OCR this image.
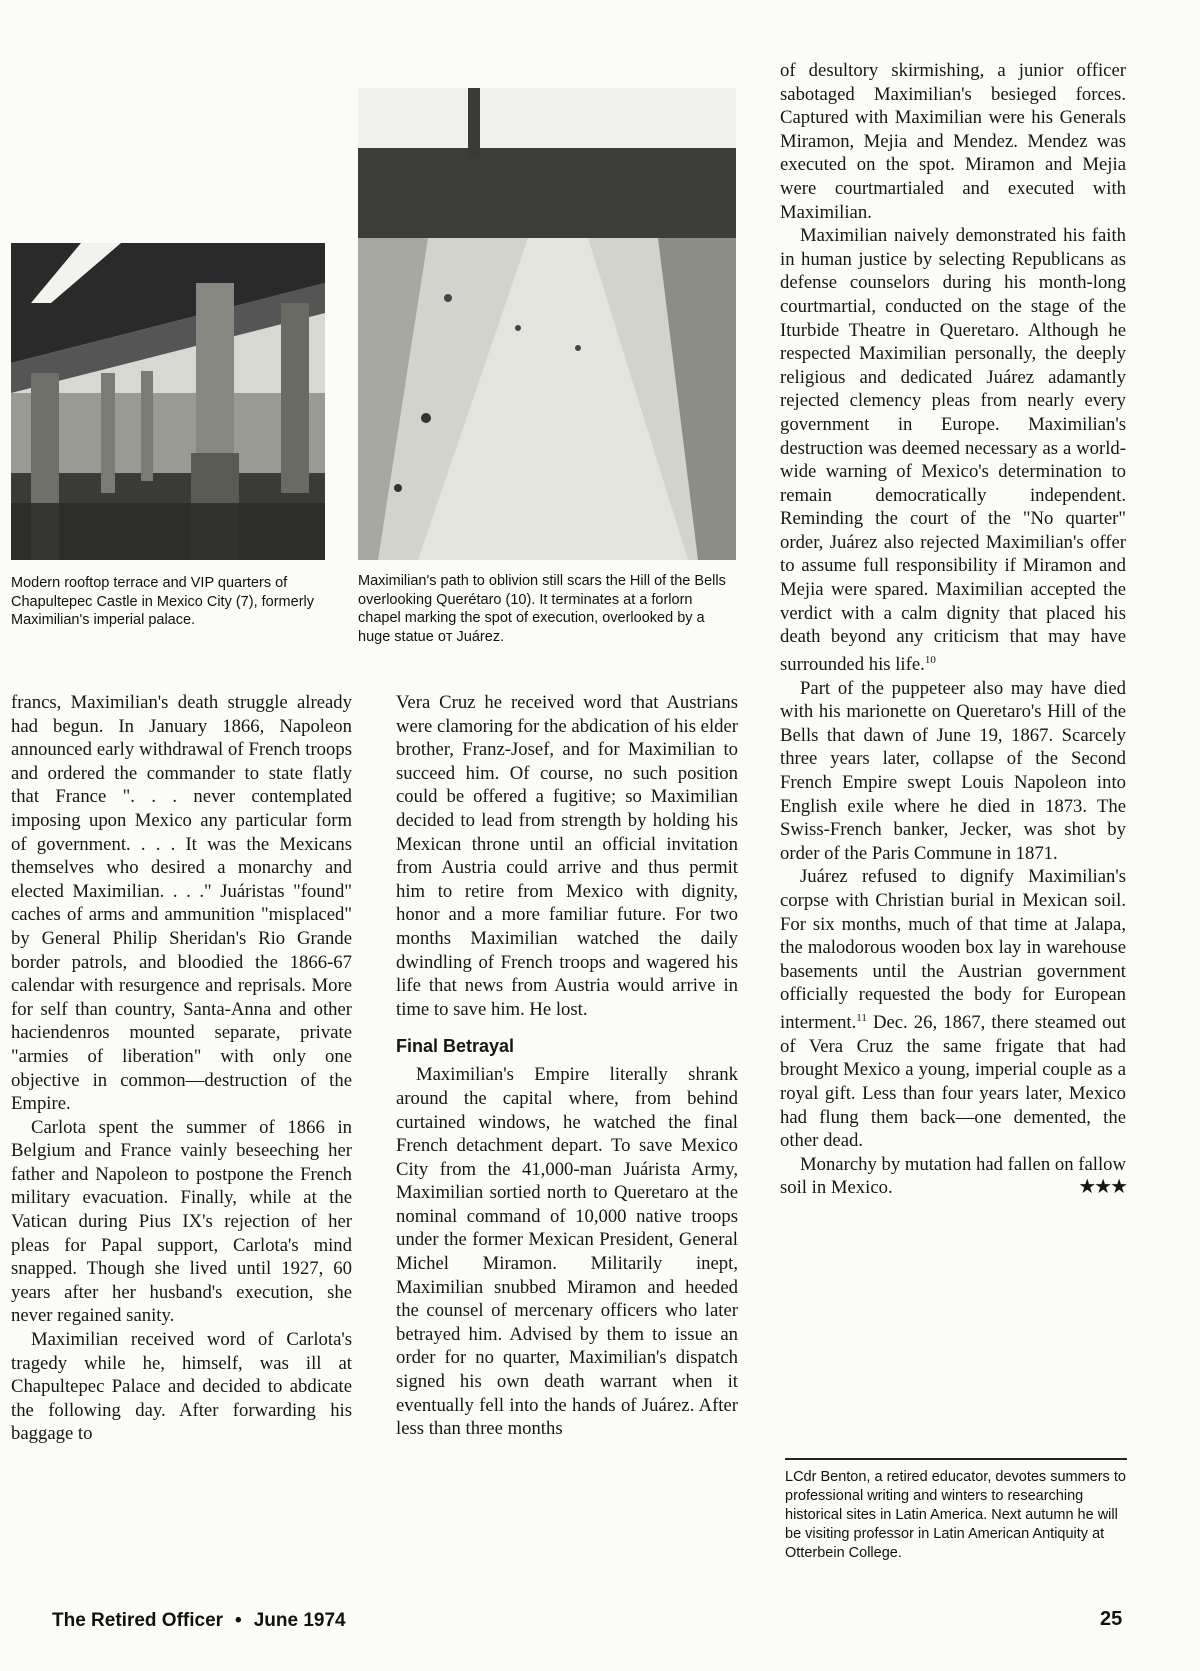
Modern rooftop terrace and VIP quarters of Chapultepec Castle in Mexico City (7), formerly Maximilian's imperial palace.
Maximilian's path to oblivion still scars the Hill of the Bells overlooking Querétaro (10). It terminates at a forlorn chapel marking the spot of execution, overlooked by a huge statue oт Juárez.

francs, Maximilian's death struggle already had begun. In January 1866, Napoleon announced early withdrawal of French troops and ordered the commander to state flatly that France ". . . never contemplated imposing upon Mexico any particular form of government. . . . It was the Mexicans themselves who desired a monarchy and elected Maximilian. . . ." Juáristas "found" caches of arms and ammunition "misplaced" by General Philip Sheridan's Rio Grande border patrols, and bloodied the 1866-67 calendar with resurgence and reprisals. More for self than country, Santa-Anna and other haciendenros mounted separate, private "armies of liberation" with only one objective in common—destruction of the Empire.

Carlota spent the summer of 1866 in Belgium and France vainly beseeching her father and Napoleon to postpone the French military evacuation. Finally, while at the Vatican during Pius IX's rejection of her pleas for Papal support, Carlota's mind snapped. Though she lived until 1927, 60 years after her husband's execution, she never regained sanity.

Maximilian received word of Carlota's tragedy while he, himself, was ill at Chapultepec Palace and decided to abdicate the following day. After forwarding his baggage to

Vera Cruz he received word that Austrians were clamoring for the abdication of his elder brother, Franz-Josef, and for Maximilian to succeed him. Of course, no such position could be offered a fugitive; so Maximilian decided to lead from strength by holding his Mexican throne until an official invitation from Austria could arrive and thus permit him to retire from Mexico with dignity, honor and a more familiar future. For two months Maximilian watched the daily dwindling of French troops and wagered his life that news from Austria would arrive in time to save him. He lost.

Final Betrayal

Maximilian's Empire literally shrank around the capital where, from behind curtained windows, he watched the final French detachment depart. To save Mexico City from the 41,000-man Juárista Army, Maximilian sortied north to Queretaro at the nominal command of 10,000 native troops under the former Mexican President, General Michel Miramon. Militarily inept, Maximilian snubbed Miramon and heeded the counsel of mercenary officers who later betrayed him. Advised by them to issue an order for no quarter, Maximilian's dispatch signed his own death warrant when it eventually fell into the hands of Juárez. After less than three months

of desultory skirmishing, a junior officer sabotaged Maximilian's besieged forces. Captured with Maximilian were his Generals Miramon, Mejia and Mendez. Mendez was executed on the spot. Miramon and Mejia were courtmartialed and executed with Maximilian.

Maximilian naively demonstrated his faith in human justice by selecting Republicans as defense counselors during his month-long courtmartial, conducted on the stage of the Iturbide Theatre in Queretaro. Although he respected Maximilian personally, the deeply religious and dedicated Juárez adamantly rejected clemency pleas from nearly every government in Europe. Maximilian's destruction was deemed necessary as a world-wide warning of Mexico's determination to remain democratically independent. Reminding the court of the "No quarter" order, Juárez also rejected Maximilian's offer to assume full responsibility if Miramon and Mejia were spared. Maximilian accepted the verdict with a calm dignity that placed his death beyond any criticism that may have surrounded his life.$^{10}$

Part of the puppeteer also may have died with his marionette on Queretaro's Hill of the Bells that dawn of June 19, 1867. Scarcely three years later, collapse of the Second French Empire swept Louis Napoleon into English exile where he died in 1873. The Swiss-French banker, Jecker, was shot by order of the Paris Commune in 1871.

Juárez refused to dignify Maximilian's corpse with Christian burial in Mexican soil. For six months, much of that time at Jalapa, the malodorous wooden box lay in warehouse basements until the Austrian government officially requested the body for European interment.$^{11}$ Dec. 26, 1867, there steamed out of Vera Cruz the same frigate that had brought Mexico a young, imperial couple as a royal gift. Less than four years later, Mexico had flung them back—one demented, the other dead.

Monarchy by mutation had fallen on fallow soil in Mexico.	★★★

LCdr Benton, a retired educator, devotes summers to professional writing and winters to researching historical sites in Latin America. Next autumn he will be visiting professor in Latin American Antiquity at Otterbein College.
The Retired Officer • June 1974	25
